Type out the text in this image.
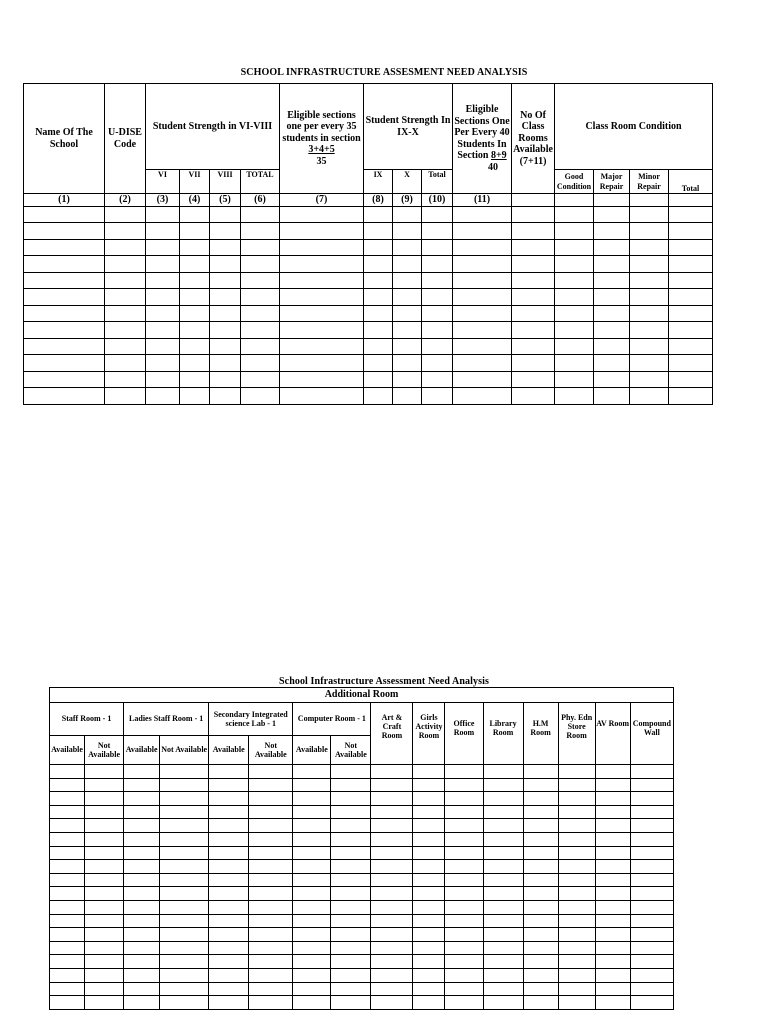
SCHOOL INFRASTRUCTURE ASSESMENT NEED ANALYSIS
Name Of The School	U-DISE Code	Student Strength in VI-VIII				Eligible sections one per every 35 students in section
3+4+5
35	Student Strength In IX-X			Eligible Sections One Per Every 40 Students In Section 8+9
40	No Of Class Rooms Available (7+11)	Class Room Condition			
		VI	VII	VIII	TOTAL		IX	X	Total			Good Condition	Major Repair	Minor Repair	Total
(1)	(2)	(3)	(4)	(5)	(6)	(7)	(8)	(9)	(10)	(11)					

School Infrastructure Assessment Need Analysis
Additional Room															
Staff Room - 1		Ladies Staff Room - 1		Secondary Integrated science Lab - 1		Computer Room - 1		Art & Craft Room	Girls Activity Room	Office Room	Library Room	H.M Room	Phy. Edn Store Room	AV Room	Compound Wall
Available	Not Available	Available	Not Available	Available	Not Available	Available	Not Available								
